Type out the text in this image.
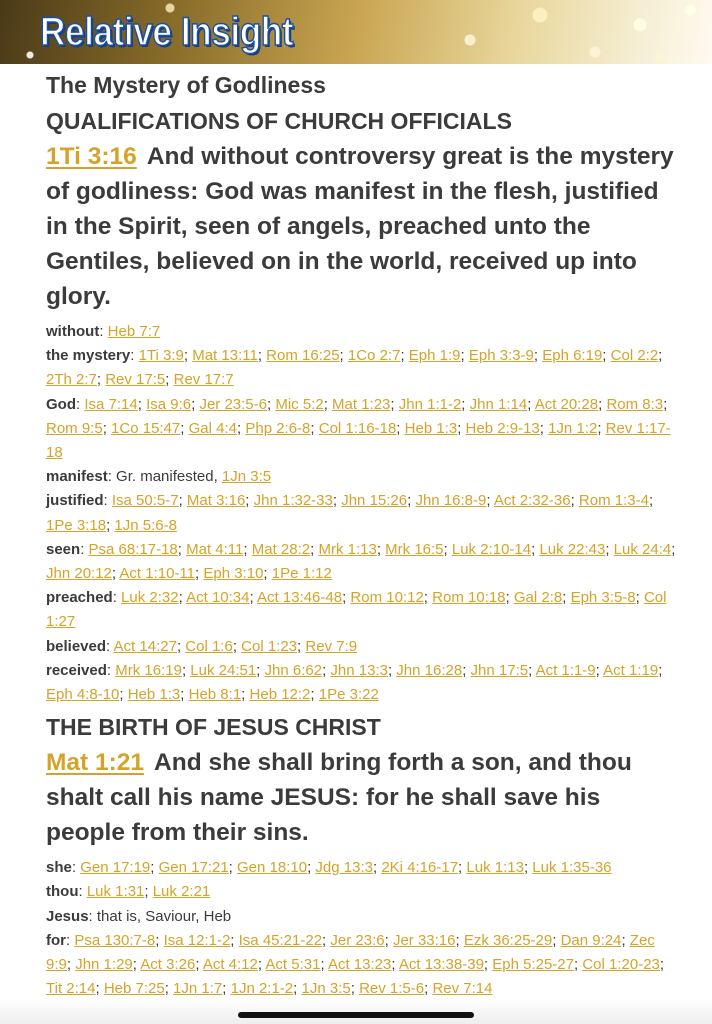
Relative Insight
The Mystery of Godliness
QUALIFICATIONS OF CHURCH OFFICIALS
1Ti 3:16 And without controversy great is the mystery of godliness: God was manifest in the flesh, justified in the Spirit, seen of angels, preached unto the Gentiles, believed on in the world, received up into glory.
without: Heb 7:7
the mystery: 1Ti 3:9; Mat 13:11; Rom 16:25; 1Co 2:7; Eph 1:9; Eph 3:3-9; Eph 6:19; Col 2:2; 2Th 2:7; Rev 17:5; Rev 17:7
God: Isa 7:14; Isa 9:6; Jer 23:5-6; Mic 5:2; Mat 1:23; Jhn 1:1-2; Jhn 1:14; Act 20:28; Rom 8:3; Rom 9:5; 1Co 15:47; Gal 4:4; Php 2:6-8; Col 1:16-18; Heb 1:3; Heb 2:9-13; 1Jn 1:2; Rev 1:17-18
manifest: Gr. manifested, 1Jn 3:5
justified: Isa 50:5-7; Mat 3:16; Jhn 1:32-33; Jhn 15:26; Jhn 16:8-9; Act 2:32-36; Rom 1:3-4; 1Pe 3:18; 1Jn 5:6-8
seen: Psa 68:17-18; Mat 4:11; Mat 28:2; Mrk 1:13; Mrk 16:5; Luk 2:10-14; Luk 22:43; Luk 24:4; Jhn 20:12; Act 1:10-11; Eph 3:10; 1Pe 1:12
preached: Luk 2:32; Act 10:34; Act 13:46-48; Rom 10:12; Rom 10:18; Gal 2:8; Eph 3:5-8; Col 1:27
believed: Act 14:27; Col 1:6; Col 1:23; Rev 7:9
received: Mrk 16:19; Luk 24:51; Jhn 6:62; Jhn 13:3; Jhn 16:28; Jhn 17:5; Act 1:1-9; Act 1:19; Eph 4:8-10; Heb 1:3; Heb 8:1; Heb 12:2; 1Pe 3:22
THE BIRTH OF JESUS CHRIST
Mat 1:21 And she shall bring forth a son, and thou shalt call his name JESUS: for he shall save his people from their sins.
she: Gen 17:19; Gen 17:21; Gen 18:10; Jdg 13:3; 2Ki 4:16-17; Luk 1:13; Luk 1:35-36
thou: Luk 1:31; Luk 2:21
Jesus: that is, Saviour, Heb
for: Psa 130:7-8; Isa 12:1-2; Isa 45:21-22; Jer 23:6; Jer 33:16; Ezk 36:25-29; Dan 9:24; Zec 9:9; Jhn 1:29; Act 3:26; Act 4:12; Act 5:31; Act 13:23; Act 13:38-39; Eph 5:25-27; Col 1:20-23; Tit 2:14; Heb 7:25; 1Jn 1:7; 1Jn 2:1-2; 1Jn 3:5; Rev 1:5-6; Rev 7:14
